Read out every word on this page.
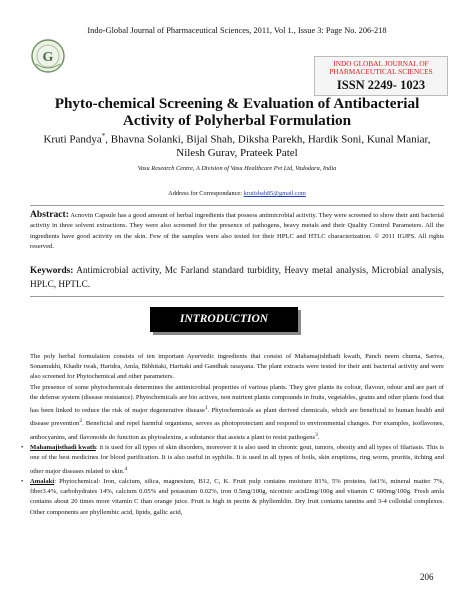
Indo-Global Journal of Pharmaceutical Sciences, 2011, Vol 1., Issue 3: Page No. 206-218
G	INDO GLOBAL JOURNAL OF PHARMACEUTICAL SCIENCES
ISSN 2249- 1023
Phyto-chemical Screening & Evaluation of Antibacterial Activity of Polyherbal Formulation
Kruti Pandya*, Bhavna Solanki, Bijal Shah, Diksha Parekh, Hardik Soni, Kunal Maniar, Nilesh Gurav, Prateek Patel
Vasu Research Centre, A Division of Vasu Healthcare Pvt Ltd, Vadodara, India
Address for Correspondance: krutishah85@gmail.com
Abstract: Acnovin Capsule has a good amount of herbal ingredients that possess antimicrobial activity. They were screened to show their anti bacterial activity in three solvent extractions. They were also screened for the presence of pathogens, heavy metals and their Quality Control Parameters. All the ingredients have good activity on the skin. Few of the samples were also tested for their HPLC and HTLC characterization. © 2011 IGJPS. All rights reserved.
Keywords: Antimicrobial activity, Mc Farland standard turbidity, Heavy metal analysis, Microbial analysis, HPLC, HPTLC.
INTRODUCTION

The poly herbal formulation consists of ten important Ayurvedic ingredients that consist of Mahamajishthadi kwath, Panch neem churna, Sariva, Sonamukhi, Khadir twak, Haridra, Amla, Bibhitaki, Haritaki and Gandhak rasayana. The plant extracts were tested for their anti bacterial activity and were also screened for Phytochemical and other parameters.

The presence of some phytochemicals determines the antimicrobial properties of various plants. They give plants its colour, flavour, odour and are part of the defense system (disease resistance). Phytochemicals are bio actives, non nutrient plants compounds in fruits, vegetables, grains and other plants food that has been linked to reduce the risk of major degenerative disease$^1$. Phytochemicals as plant derived chemicals, which are beneficial to human health and disease prevention$^2$. Beneficial and repel harmful organisms, serves as photoprotectant and respond to environmental changes. For examples, isoflavones, anthocyanins, and flavonoids do function as phytoalexins, a substance that assists a plant to resist pathogens$^3$.

• Mahamajisthadi kwath: it is used for all types of skin disorders, moreover it is also used in chronic gout, tumors, obesity and all types of filariasis. This is one of the best medicines for blood purification. It is also useful in syphilis. It is used in all types of boils, skin eruptions, ring worm, pruritis, itching and other major diseases related to skin.$^4$

• Amalaki: Phytochemical: Iron, calcium, silica, magnesium, B12, C, K. Fruit pulp contains moisture 81%, 5% proteins, fat1%, mineral matter 7%, fiber3.4%, carbohydrates 14%, calcium 0.05% and potassium 0.02%, iron 0.5mg/100g, nicotinic acid2mg/100g and vitamin C 600mg/100g. Fresh amla contains about 20 times more vitamin C than orange juice. Fruit is high in pectin & phyllemblin. Dry fruit contains tannins and 3-4 colloidal complexes. Other components are phyllembic acid, lipids, gallic acid,

206
